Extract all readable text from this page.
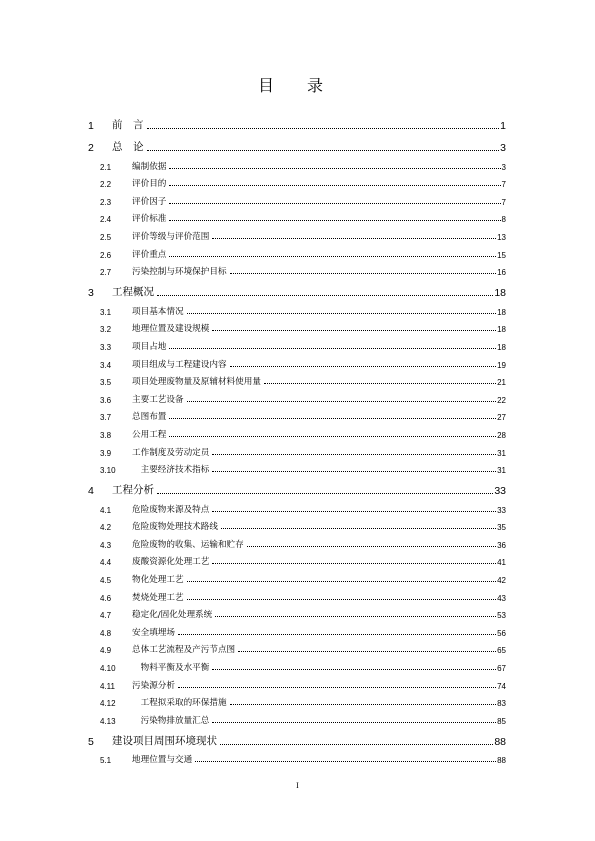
目 录
1	前　言	1
2	总　论	3
2.1	编制依据	3
2.2	评价目的	7
2.3	评价因子	7
2.4	评价标准	8
2.5	评价等级与评价范围	13
2.6	评价重点	15
2.7	污染控制与环境保护目标	16
3	工程概况	18
3.1	项目基本情况	18
3.2	地理位置及建设规模	18
3.3	项目占地	18
3.4	项目组成与工程建设内容	19
3.5	项目处理废物量及原辅材料使用量	21
3.6	主要工艺设备	22
3.7	总图布置	27
3.8	公用工程	28
3.9	工作制度及劳动定员	31
3.10	　主要经济技术指标	31
4	工程分析	33
4.1	危险废物来源及特点	33
4.2	危险废物处理技术路线	35
4.3	危险废物的收集、运输和贮存	36
4.4	废酸资源化处理工艺	41
4.5	物化处理工艺	42
4.6	焚烧处理工艺	43
4.7	稳定化/固化处理系统	53
4.8	安全填埋场	56
4.9	总体工艺流程及产污节点图	65
4.10	　物料平衡及水平衡	67
4.11	污染源分析	74
4.12	　工程拟采取的环保措施	83
4.13	　污染物排放量汇总	85
5	建设项目周围环境现状	88
5.1	地理位置与交通	88
I
